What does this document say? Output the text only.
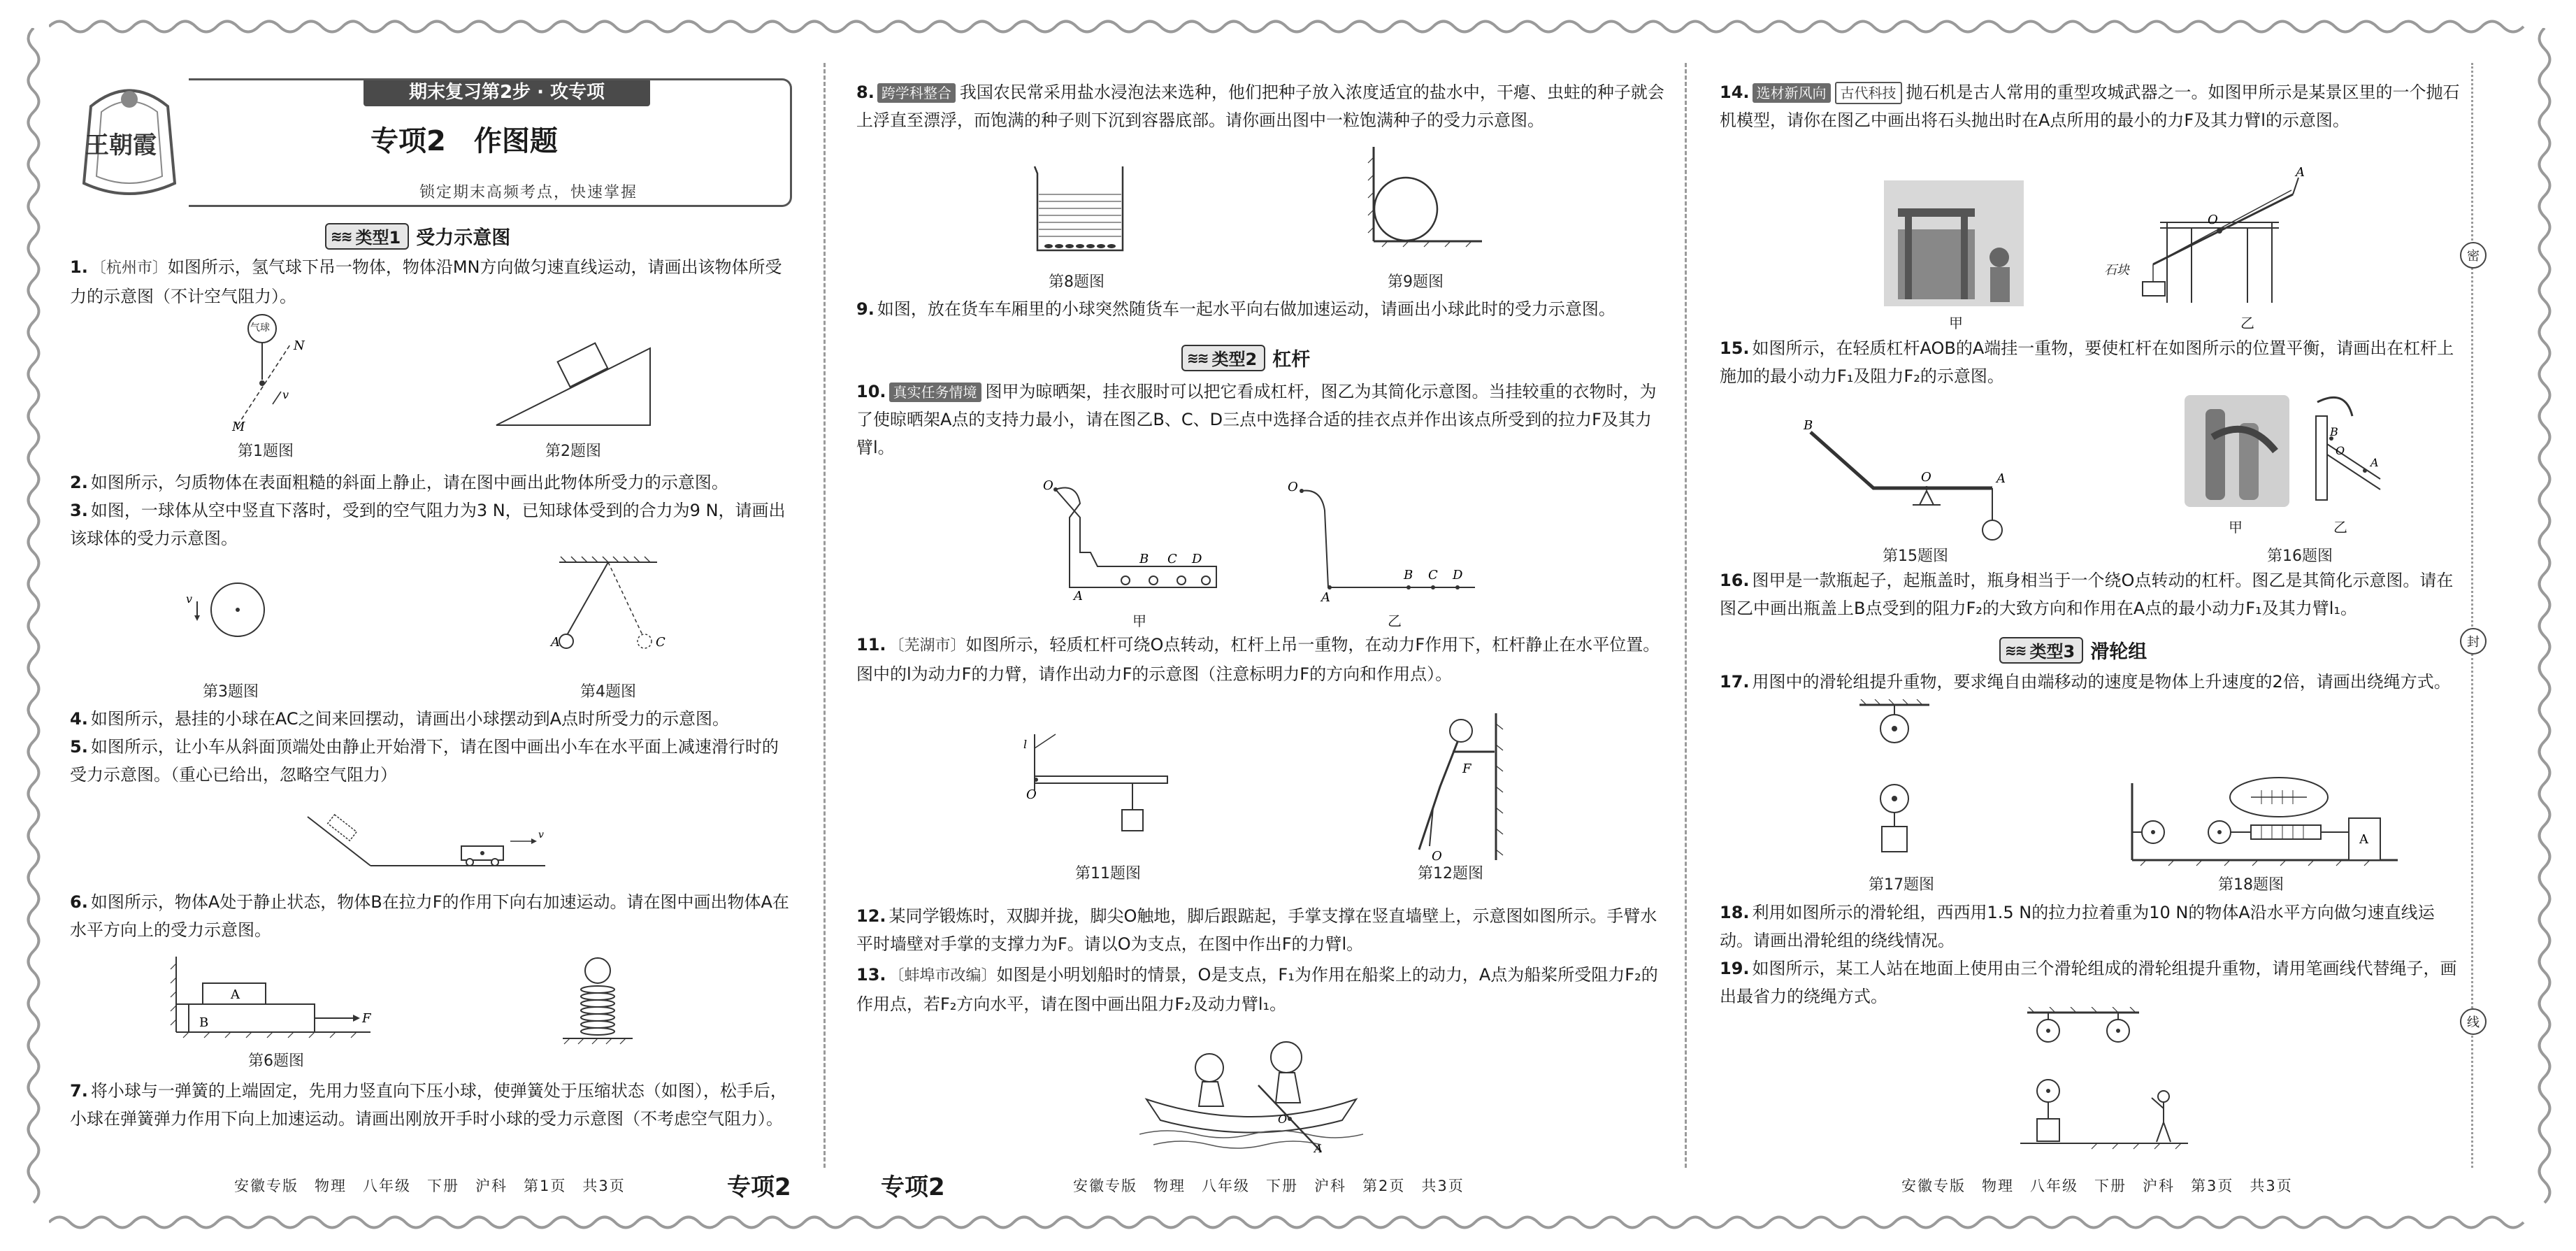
密
封
线
王朝霞
期末复习第2步 · 攻专项
专项2　作图题
锁定期末高频考点，快速掌握
≋≋ 类型1 受力示意图

1. 〔杭州市〕如图所示，氢气球下吊一物体，物体沿MN方向做匀速直线运动，请画出该物体所受力的示意图（不计空气阻力）。

v
N
M
气球
第1题图	第2题图

2. 如图所示，匀质物体在表面粗糙的斜面上静止，请在图中画出此物体所受力的示意图。

3. 如图，一球体从空中竖直下落时，受到的空气阻力为3 N，已知球体受到的合力为9 N，请画出该球体的受力示意图。

v
第3题图
A	C
第4题图

4. 如图所示，悬挂的小球在AC之间来回摆动，请画出小球摆动到A点时所受力的示意图。

5. 如图所示，让小车从斜面顶端处由静止开始滑下，请在图中画出小车在水平面上减速滑行时的受力示意图。（重心已给出，忽略空气阻力）

v

6. 如图所示，物体A处于静止状态，物体B在拉力F的作用下向右加速运动。请在图中画出物体A在水平方向上的受力示意图。

A
B	F
第6题图

7. 将小球与一弹簧的上端固定，先用力竖直向下压小球，使弹簧处于压缩状态（如图），松手后，小球在弹簧弹力作用下向上加速运动。请画出刚放开手时小球的受力示意图（不考虑空气阻力）。

安徽专版　物理　八年级　下册　沪科　第1页　共3页	专项2

8. 跨学科整合 我国农民常采用盐水浸泡法来选种，他们把种子放入浓度适宜的盐水中，干瘪、虫蛀的种子就会上浮直至漂浮，而饱满的种子则下沉到容器底部。请你画出图中一粒饱满种子的受力示意图。

第8题图	第9题图

9. 如图，放在货车车厢里的小球突然随货车一起水平向右做加速运动，请画出小球此时的受力示意图。

≋≋ 类型2 杠杆

10. 真实任务情境 图甲为晾晒架，挂衣服时可以把它看成杠杆，图乙为其简化示意图。当挂较重的衣物时，为了使晾晒架A点的支持力最小，请在图乙B、C、D三点中选择合适的挂衣点并作出该点所受到的拉力F及其力臂l。

O
A
B C D
甲
O
A
B C D
乙

11. 〔芜湖市〕如图所示，轻质杠杆可绕O点转动，杠杆上吊一重物，在动力F作用下，杠杆静止在水平位置。图中的l为动力F的力臂，请作出动力F的示意图（注意标明力F的方向和作用点）。

l
O
第11题图
F
O
第12题图

12. 某同学锻炼时，双脚并拢，脚尖O触地，脚后跟踮起，手掌支撑在竖直墙壁上，示意图如图所示。手臂水平时墙壁对手掌的支撑力为F。请以O为支点，在图中作出F的力臂l。

13. 〔蚌埠市改编〕如图是小明划船时的情景，O是支点，F₁为作用在船桨上的动力，A点为船桨所受阻力F₂的作用点，若F₂方向水平，请在图中画出阻力F₂及动力臂l₁。

O
A
专项2	安徽专版　物理　八年级　下册　沪科　第2页　共3页

14. 选材新风向 古代科技 抛石机是古人常用的重型攻城武器之一。如图甲所示是某景区里的一个抛石机模型，请你在图乙中画出将石头抛出时在A点所用的最小的力F及其力臂l的示意图。

甲
O
A
石块
乙

15. 如图所示，在轻质杠杆AOB的A端挂一重物，要使杠杆在如图所示的位置平衡，请画出在杠杆上施加的最小动力F₁及阻力F₂的示意图。

B
O	A
第15题图
甲
B
O
A
乙
第16题图

16. 图甲是一款瓶起子，起瓶盖时，瓶身相当于一个绕O点转动的杠杆。图乙是其简化示意图。请在图乙中画出瓶盖上B点受到的阻力F₂的大致方向和作用在A点的最小动力F₁及其力臂l₁。

≋≋ 类型3 滑轮组

17. 用图中的滑轮组提升重物，要求绳自由端移动的速度是物体上升速度的2倍，请画出绕绳方式。

第17题图
A
第18题图

18. 利用如图所示的滑轮组，西西用1.5 N的拉力拉着重为10 N的物体A沿水平方向做匀速直线运动。请画出滑轮组的绕线情况。

19. 如图所示，某工人站在地面上使用由三个滑轮组成的滑轮组提升重物，请用笔画线代替绳子，画出最省力的绕绳方式。

安徽专版　物理　八年级　下册　沪科　第3页　共3页
